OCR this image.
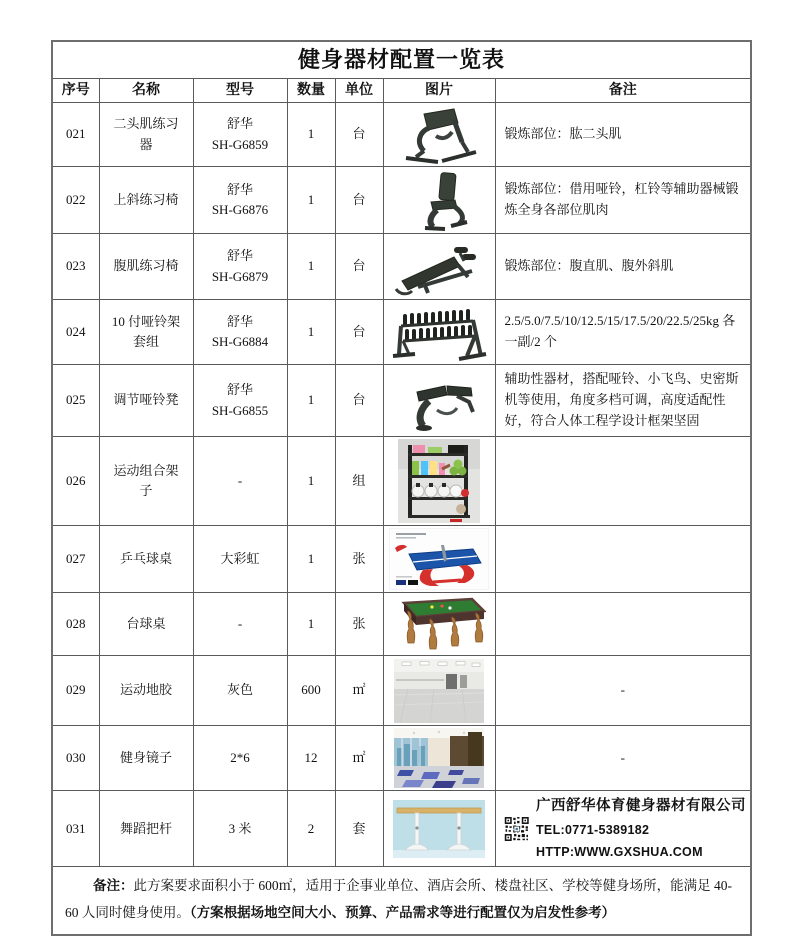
健身器材配置一览表						
序号	名称	型号	数量	单位	图片	备注
021	二头肌练习器	舒华
SH-G6859	1	台		锻炼部位：肱二头肌
022	上斜练习椅	舒华
SH-G6876	1	台		锻炼部位：借用哑铃，杠铃等辅助器械锻炼全身各部位肌肉
023	腹肌练习椅	舒华
SH-G6879	1	台		锻炼部位：腹直肌、腹外斜肌
024	10 付哑铃架套组	舒华
SH-G6884	1	台		2.5/5.0/7.5/10/12.5/15/17.5/20/22.5/25kg 各一副/2 个
025	调节哑铃凳	舒华
SH-G6855	1	台		辅助性器材，搭配哑铃、小飞鸟、史密斯机等使用，角度多档可调，高度适配性好，符合人体工程学设计框架坚固
026	运动组合架子	-	1	组	

027	乒乓球桌	大彩虹	1	张	

028	台球桌	-	1	张	

029	运动地胶	灰色	600	㎡		-
030	健身镜子	2*6	12	㎡		-
031	舞蹈把杆	3 米	2	套		广西舒华体育健身器材有限公司
TEL:0771-5389182
HTTP:WWW.GXSHUA.COM

备注：此方案要求面积小于 600㎡，适用于企事业单位、酒店会所、楼盘社区、学校等健身场所，能满足 40-60 人同时健身使用。（方案根据场地空间大小、预算、产品需求等进行配置仅为启发性参考）						
